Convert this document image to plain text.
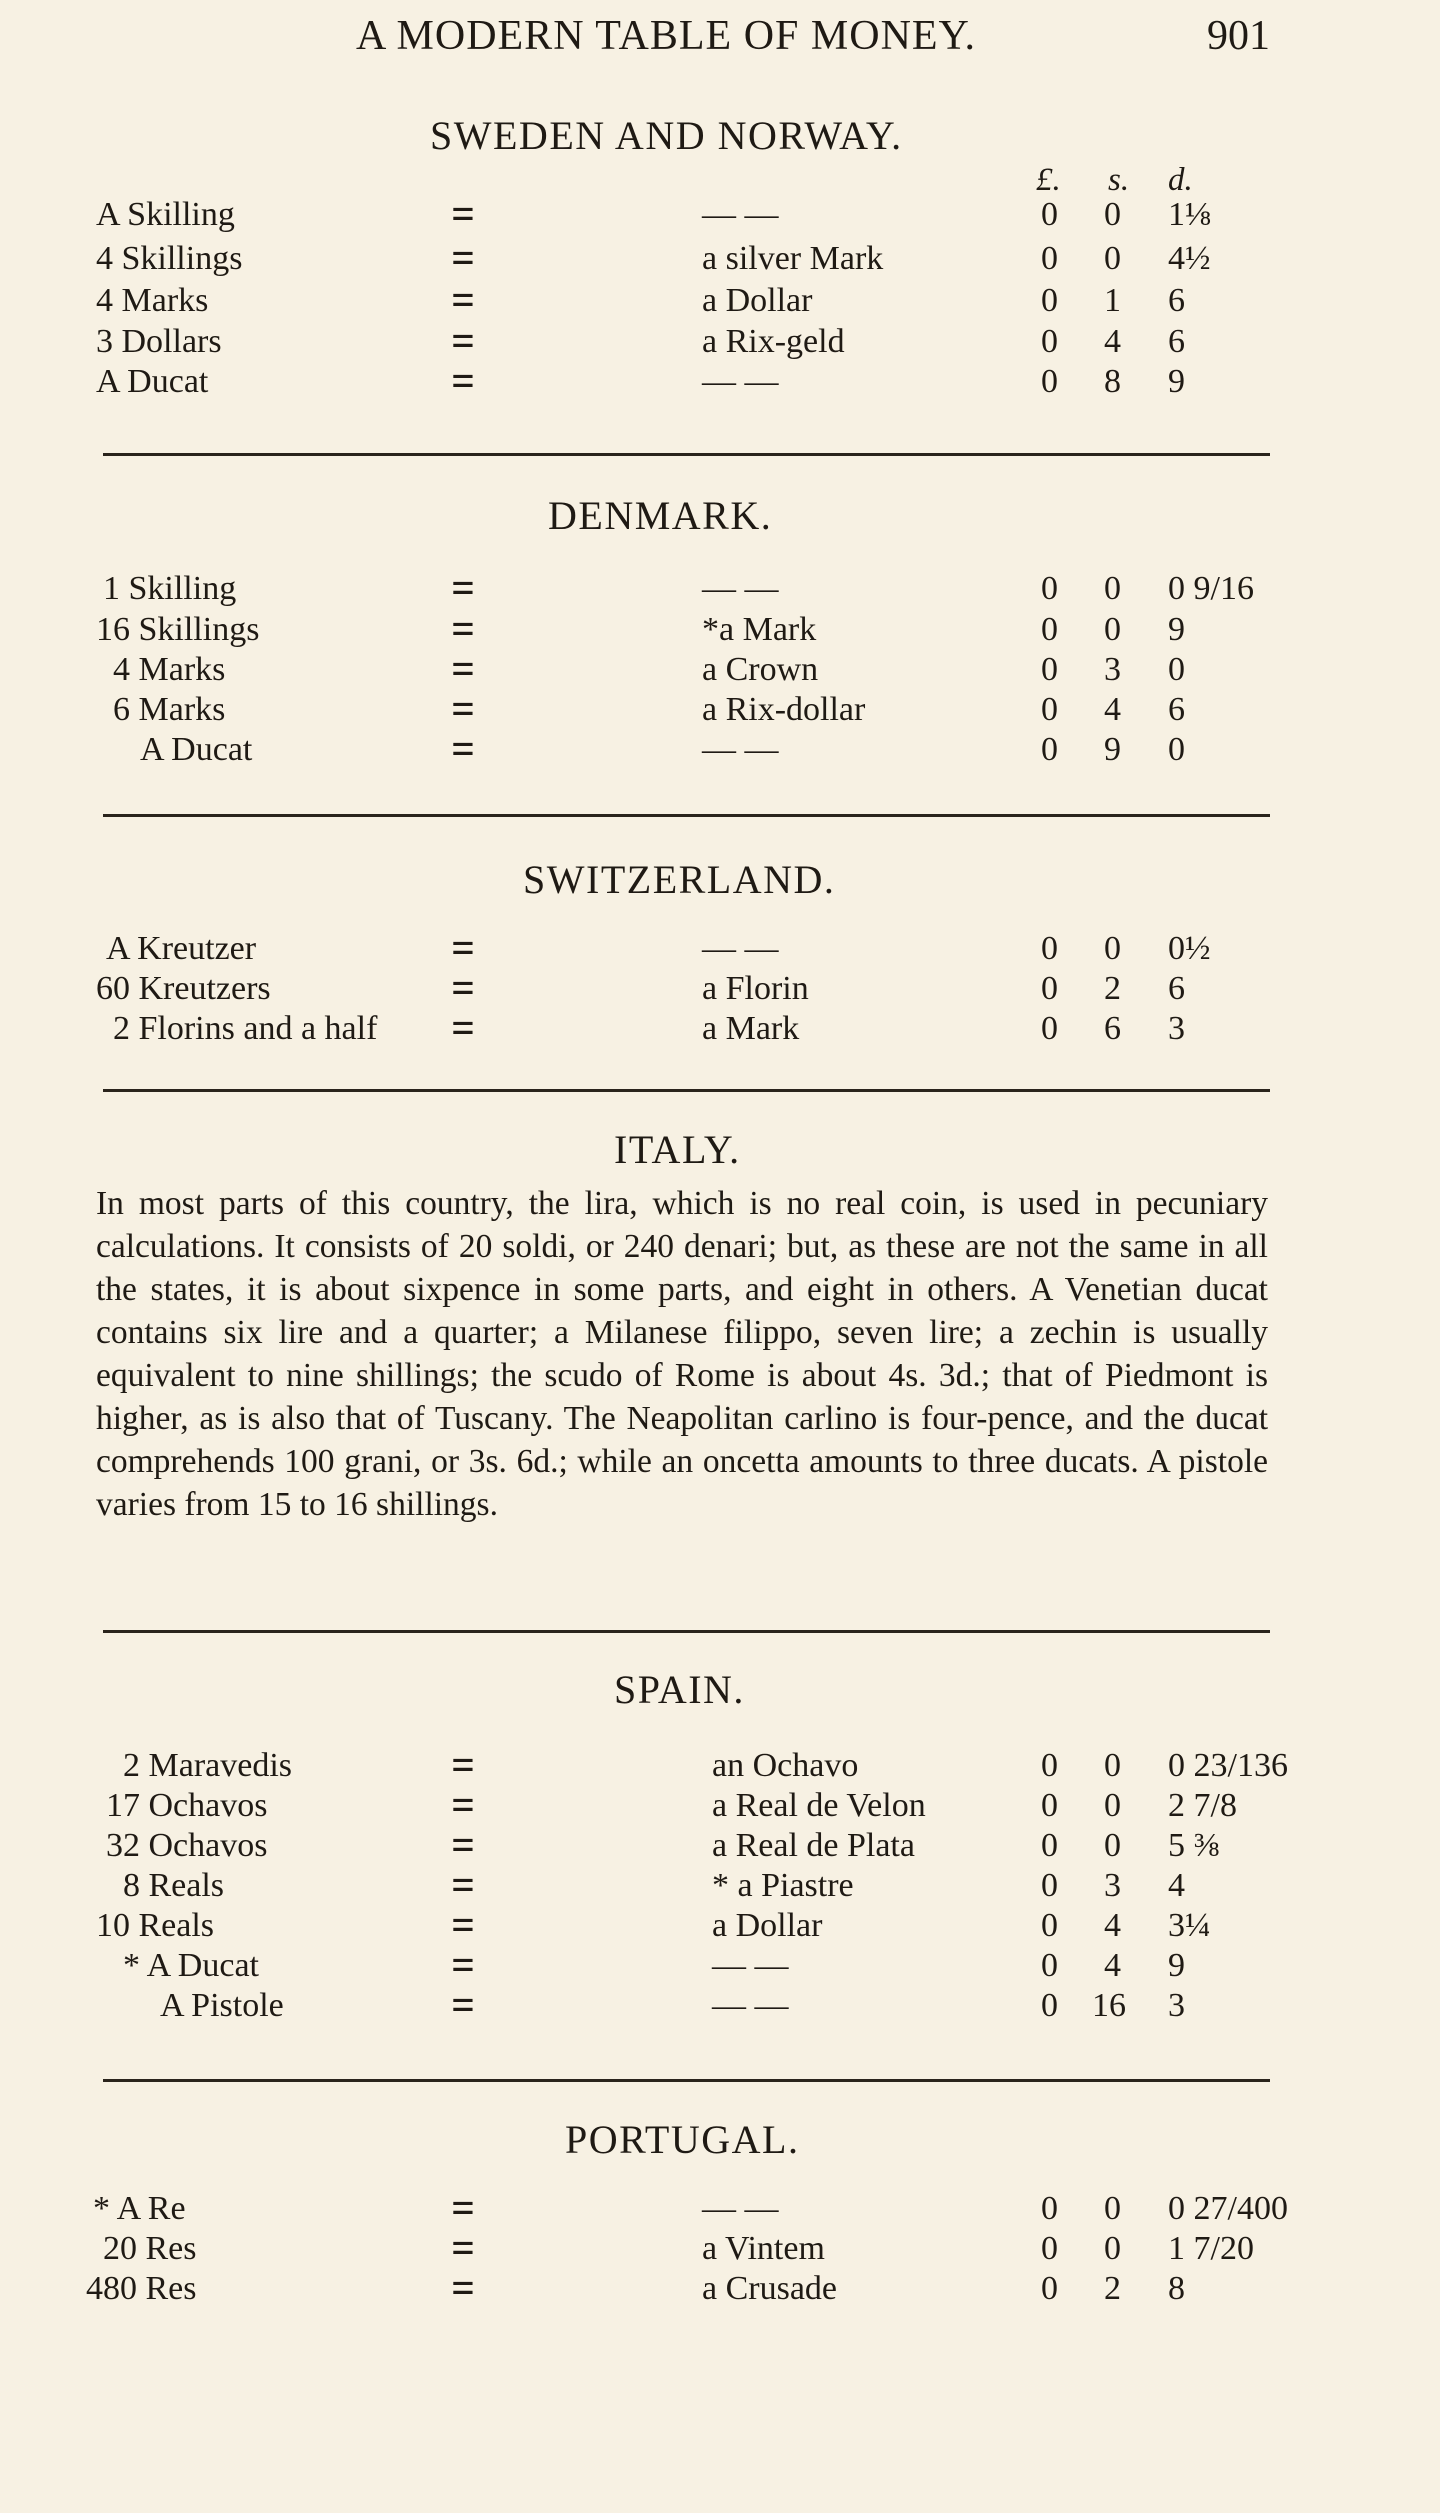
A MODERN TABLE OF MONEY.	901
SWEDEN AND NORWAY.
£. s. d.
A Skilling	=	— —	0 0 1⅛
4 Skillings	=	a silver Mark	0 0 4½
4 Marks	=	a Dollar	0 1 6
3 Dollars	=	a Rix-geld	0 4 6
A Ducat	=	— —	0 8 9
DENMARK.
1 Skilling	=	— —	0 0 0 9/16
16 Skillings	=	*a Mark	0 0 9
4 Marks	=	a Crown	0 3 0
6 Marks	=	a Rix-dollar	0 4 6
A Ducat	=	— —	0 9 0
SWITZERLAND.
A Kreutzer	=	— —	0 0 0½
60 Kreutzers	=	a Florin	0 2 6
2 Florins and a half =	a Mark	0 6 3
ITALY.
In most parts of this country, the lira, which is no real coin, is used in pecuniary calculations. It consists of 20 soldi, or 240 denari; but, as these are not the same in all the states, it is about sixpence in some parts, and eight in others. A Venetian ducat contains six lire and a quarter; a Milanese filippo, seven lire; a zechin is usually equivalent to nine shillings; the scudo of Rome is about 4s. 3d.; that of Piedmont is higher, as is also that of Tuscany. The Neapolitan carlino is four-pence, and the ducat comprehends 100 grani, or 3s. 6d.; while an oncetta amounts to three ducats. A pistole varies from 15 to 16 shillings.
SPAIN.
2 Maravedis	=	an Ochavo	0 0 0 23/136
17 Ochavos	=	a Real de Velon	0 0 2 7/8
32 Ochavos	=	a Real de Plata	0 0 5 ⅜
8 Reals	=	* a Piastre	0 3 4
10 Reals	=	a Dollar	0 4 3¼
* A Ducat	=	— —	0 4 9
A Pistole	=	— —	0 16 3
PORTUGAL.
* A Re	=	— —	0 0 0 27/400
20 Res	=	a Vintem	0 0 1 7/20
480 Res	=	a Crusade	0 2 8
